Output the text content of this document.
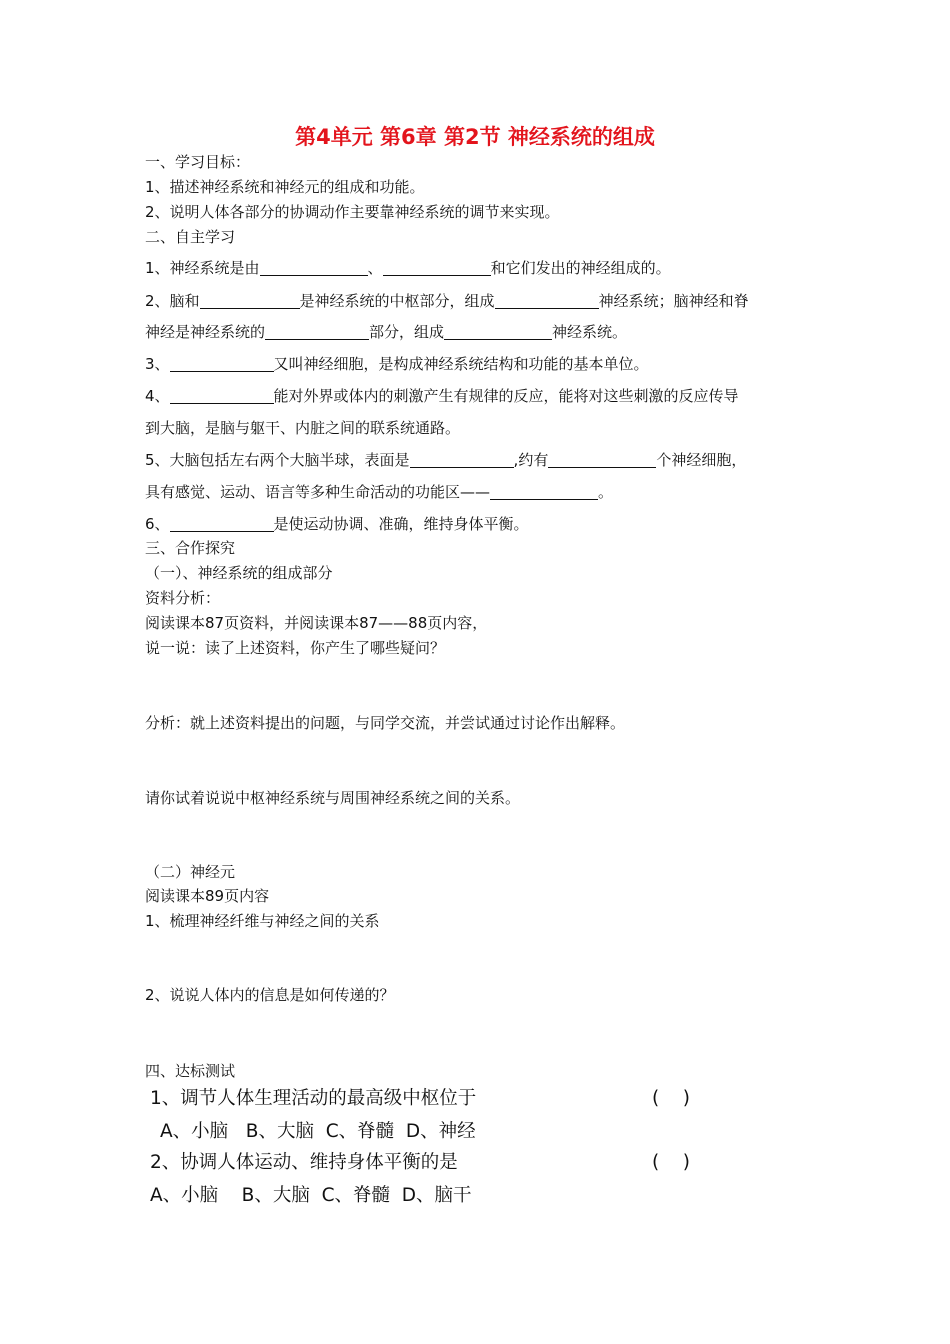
第4单元 第6章 第2节 神经系统的组成
一、学习目标：
1、描述神经系统和神经元的组成和功能。
2、说明人体各部分的协调动作主要靠神经系统的调节来实现。
二、自主学习
1、神经系统是由	、	和它们发出的神经组成的。
2、脑和	是神经系统的中枢部分，组成	神经系统；脑神经和脊
神经是神经系统的	部分，组成	神经系统。
3、	又叫神经细胞，是构成神经系统结构和功能的基本单位。
4、	能对外界或体内的刺激产生有规律的反应，能将对这些刺激的反应传导
到大脑，是脑与躯干、内脏之间的联系统通路。
5、大脑包括左右两个大脑半球，表面是	,约有	个神经细胞，
具有感觉、运动、语言等多种生命活动的功能区——	。
6、	是使运动协调、准确，维持身体平衡。
三、合作探究
（一）、神经系统的组成部分
资料分析：
阅读课本87页资料，并阅读课本87——88页内容，
说一说：读了上述资料，你产生了哪些疑问？
分析：就上述资料提出的问题，与同学交流，并尝试通过讨论作出解释。
请你试着说说中枢神经系统与周围神经系统之间的关系。
（二）神经元
阅读课本89页内容
1、梳理神经纤维与神经之间的关系
2、说说人体内的信息是如何传递的？
四、达标测试
1、调节人体生理活动的最高级中枢位于	(    )
A、小脑   B、大脑  C、脊髓  D、神经
2、协调人体运动、维持身体平衡的是	(    )
A、小脑    B、大脑  C、脊髓  D、脑干
